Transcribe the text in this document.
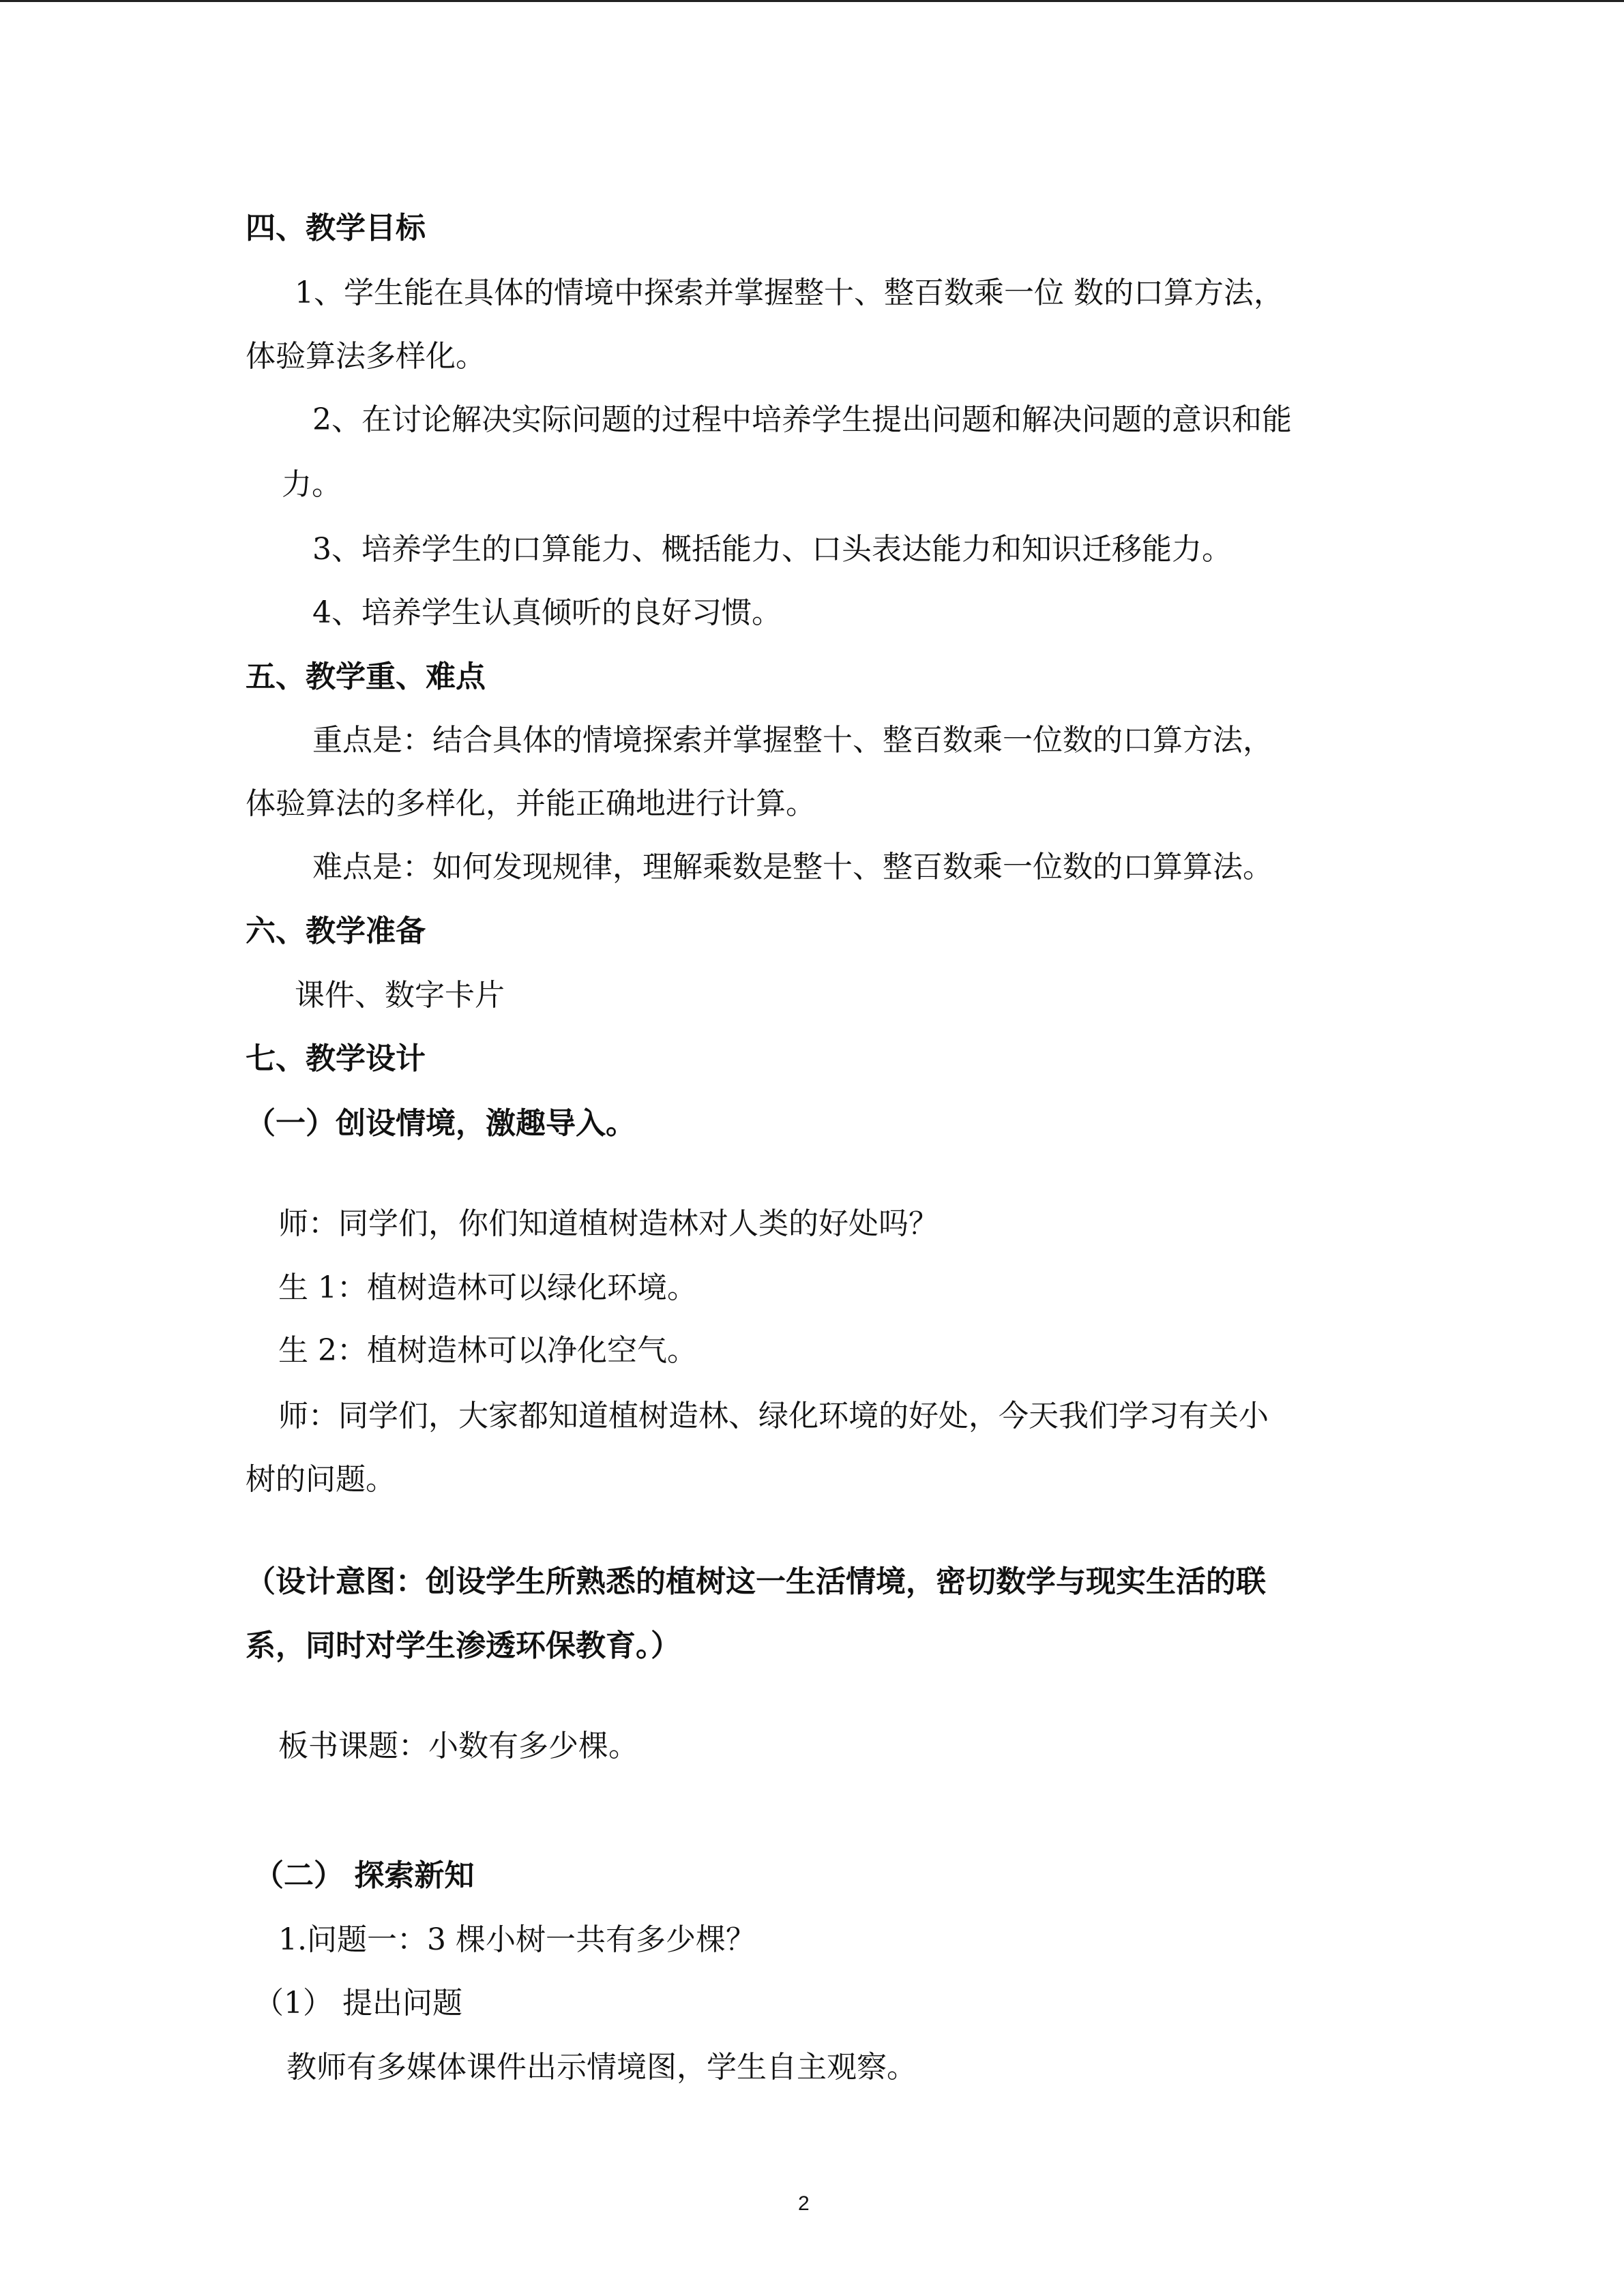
四、教学目标
1、学生能在具体的情境中探索并掌握整十、整百数乘一位 数的口算方法，
体验算法多样化。
2、在讨论解决实际问题的过程中培养学生提出问题和解决问题的意识和能
力。
3、培养学生的口算能力、概括能力、口头表达能力和知识迁移能力。
4、培养学生认真倾听的良好习惯。
五、教学重、难点
重点是：结合具体的情境探索并掌握整十、整百数乘一位数的口算方法，
体验算法的多样化，并能正确地进行计算。
难点是：如何发现规律，理解乘数是整十、整百数乘一位数的口算算法。
六、教学准备
课件、数字卡片
七、教学设计
（一）创设情境，激趣导入。
师：同学们，你们知道植树造林对人类的好处吗？
生 1：植树造林可以绿化环境。
生 2：植树造林可以净化空气。
师：同学们，大家都知道植树造林、绿化环境的好处，今天我们学习有关小
树的问题。
（设计意图：创设学生所熟悉的植树这一生活情境，密切数学与现实生活的联
系，同时对学生渗透环保教育。）
板书课题：小数有多少棵。
（二） 探索新知
1.问题一：3 棵小树一共有多少棵？
（1） 提出问题
教师有多媒体课件出示情境图，学生自主观察。
2
